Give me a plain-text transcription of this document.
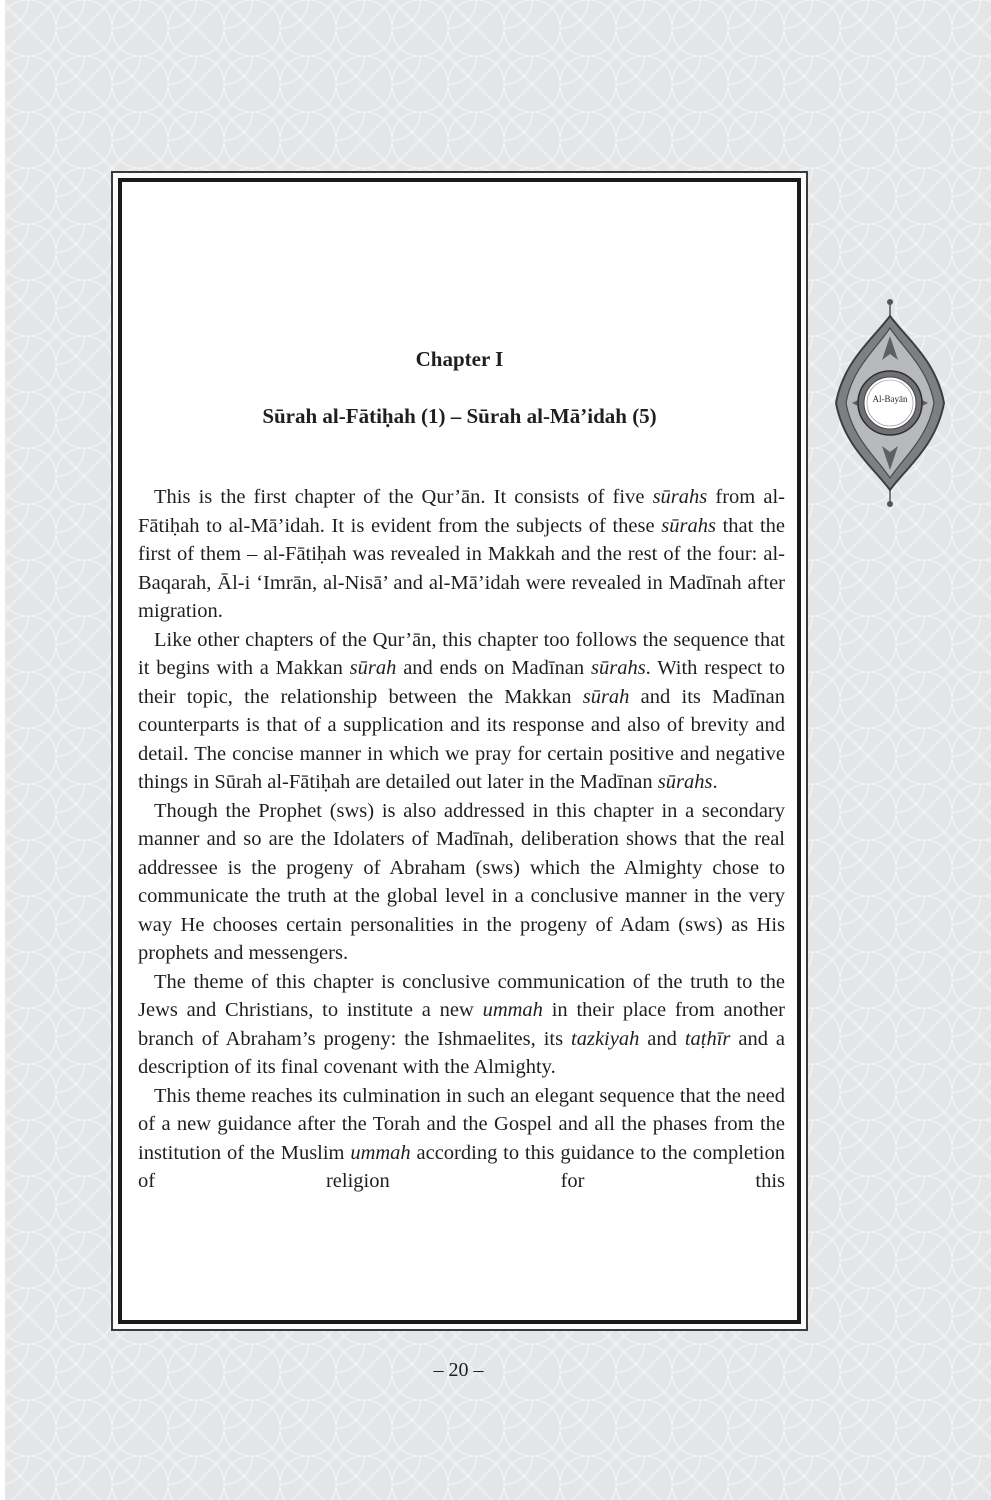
Chapter I
Sūrah al-Fātiḥah (1) – Sūrah al-Mā’idah (5)

This is the first chapter of the Qur’ān. It consists of five sūrahs from al-Fātiḥah to al-Mā’idah. It is evident from the subjects of these sūrahs that the first of them – al-Fātiḥah was revealed in Makkah and the rest of the four: al-Baqarah, Āl-i ‘Imrān, al-Nisā’ and al-Mā’idah were revealed in Madīnah after migration.

Like other chapters of the Qur’ān, this chapter too follows the sequence that it begins with a Makkan sūrah and ends on Madīnan sūrahs. With respect to their topic, the relationship between the Makkan sūrah and its Madīnan counterparts is that of a supplication and its response and also of brevity and detail. The concise manner in which we pray for certain positive and negative things in Sūrah al-Fātiḥah are detailed out later in the Madīnan sūrahs.

Though the Prophet (sws) is also addressed in this chapter in a secondary manner and so are the Idolaters of Madīnah, deliberation shows that the real addressee is the progeny of Abraham (sws) which the Almighty chose to communicate the truth at the global level in a conclusive manner in the very way He chooses certain personalities in the progeny of Adam (sws) as His prophets and messengers.

The theme of this chapter is conclusive communication of the truth to the Jews and Christians, to institute a new ummah in their place from another branch of Abraham’s progeny: the Ishmaelites, its tazkiyah and taṭhīr and a description of its final covenant with the Almighty.

This theme reaches its culmination in such an elegant sequence that the need of a new guidance after the Torah and the Gospel and all the phases from the institution of the Muslim ummah according to this guidance to the completion of religion for this

Al-Bayān
– 20 –
